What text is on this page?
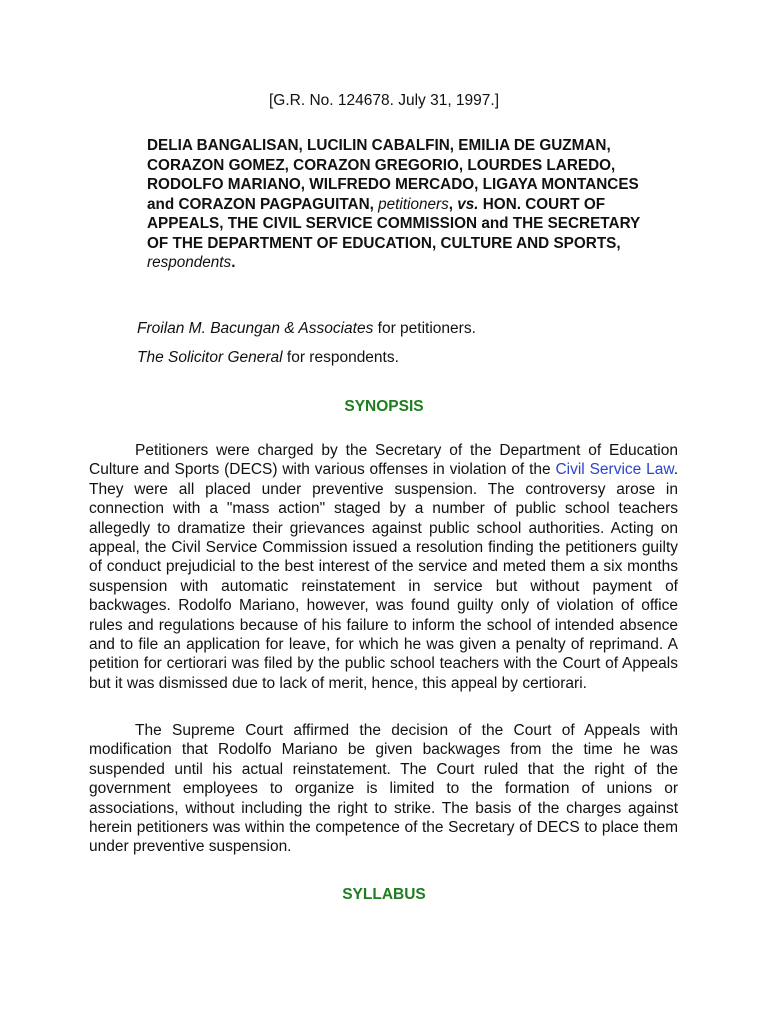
[G.R. No. 124678. July 31, 1997.]
DELIA BANGALISAN, LUCILIN CABALFIN, EMILIA DE GUZMAN, CORAZON GOMEZ, CORAZON GREGORIO, LOURDES LAREDO, RODOLFO MARIANO, WILFREDO MERCADO, LIGAYA MONTANCES and CORAZON PAGPAGUITAN, petitioners, vs. HON. COURT OF APPEALS, THE CIVIL SERVICE COMMISSION and THE SECRETARY OF THE DEPARTMENT OF EDUCATION, CULTURE AND SPORTS, respondents.
Froilan M. Bacungan & Associates for petitioners.
The Solicitor General for respondents.
SYNOPSIS

Petitioners were charged by the Secretary of the Department of Education Culture and Sports (DECS) with various offenses in violation of the Civil Service Law. They were all placed under preventive suspension. The controversy arose in connection with a "mass action" staged by a number of public school teachers allegedly to dramatize their grievances against public school authorities. Acting on appeal, the Civil Service Commission issued a resolution finding the petitioners guilty of conduct prejudicial to the best interest of the service and meted them a six months suspension with automatic reinstatement in service but without payment of backwages. Rodolfo Mariano, however, was found guilty only of violation of office rules and regulations because of his failure to inform the school of intended absence and to file an application for leave, for which he was given a penalty of reprimand. A petition for certiorari was filed by the public school teachers with the Court of Appeals but it was dismissed due to lack of merit, hence, this appeal by certiorari.

The Supreme Court affirmed the decision of the Court of Appeals with modification that Rodolfo Mariano be given backwages from the time he was suspended until his actual reinstatement. The Court ruled that the right of the government employees to organize is limited to the formation of unions or associations, without including the right to strike. The basis of the charges against herein petitioners was within the competence of the Secretary of DECS to place them under preventive suspension.

SYLLABUS
